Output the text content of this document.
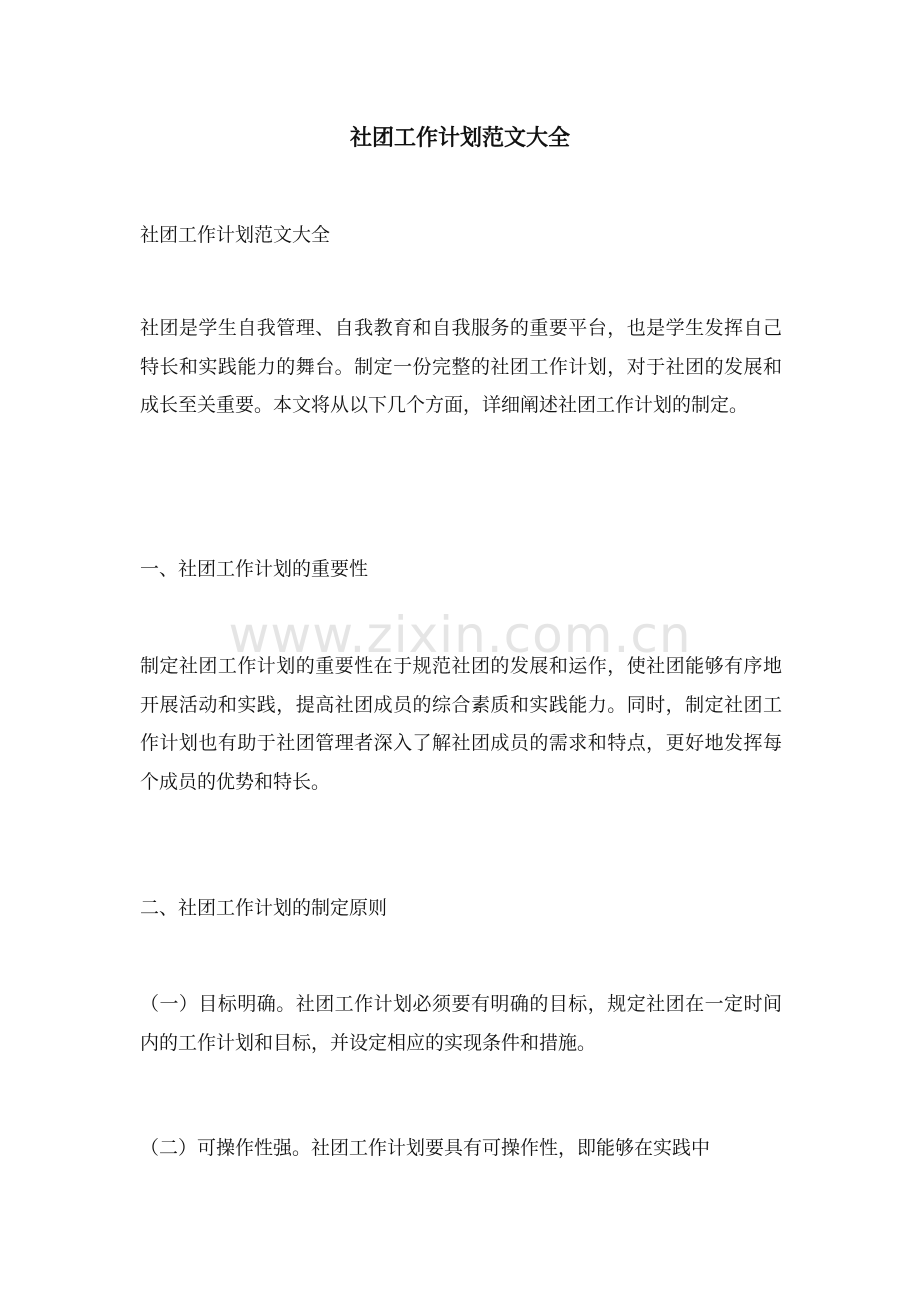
社团工作计划范文大全

社团工作计划范文大全

社团是学生自我管理、自我教育和自我服务的重要平台，也是学生发挥自己特长和实践能力的舞台。制定一份完整的社团工作计划，对于社团的发展和成长至关重要。本文将从以下几个方面，详细阐述社团工作计划的制定。

一、社团工作计划的重要性

制定社团工作计划的重要性在于规范社团的发展和运作，使社团能够有序地开展活动和实践，提高社团成员的综合素质和实践能力。同时，制定社团工作计划也有助于社团管理者深入了解社团成员的需求和特点，更好地发挥每个成员的优势和特长。

二、社团工作计划的制定原则

（一）目标明确。社团工作计划必须要有明确的目标，规定社团在一定时间内的工作计划和目标，并设定相应的实现条件和措施。

（二）可操作性强。社团工作计划要具有可操作性，即能够在实践中

www.zixin.com.cn
